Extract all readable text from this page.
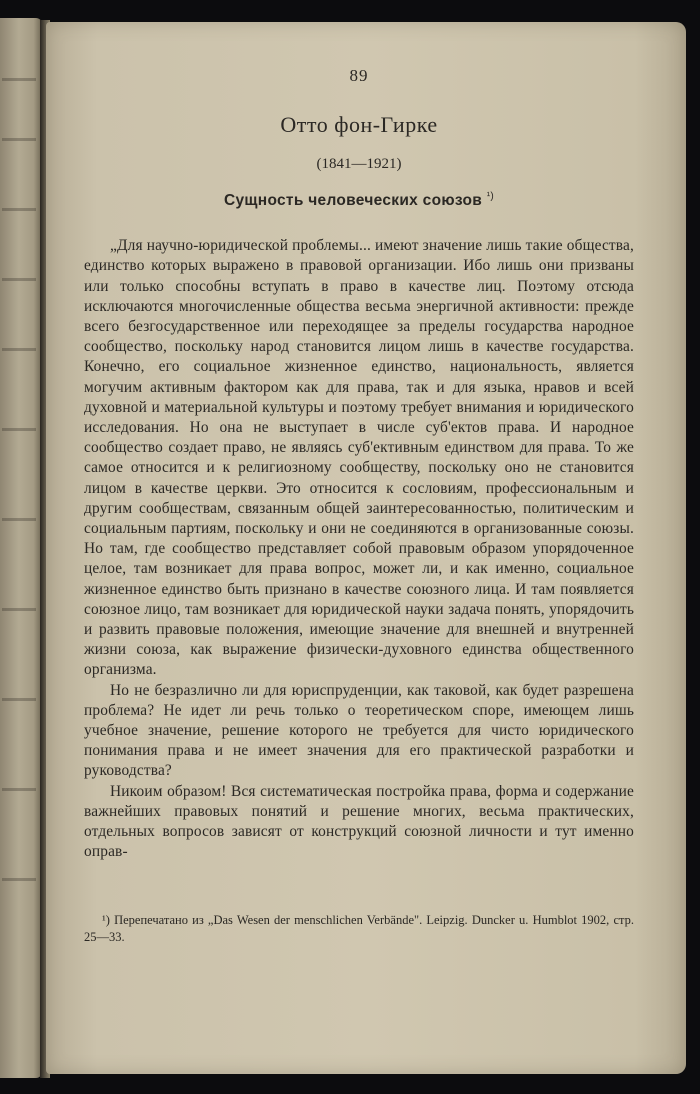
89

Отто фон-Гирке

(1841—1921)

Сущность человеческих союзов $^{^1)}$

„Для научно-юридической проблемы... имеют значение лишь такие общества, единство которых выражено в правовой организации. Ибо лишь они призваны или только способны вступать в право в качестве лиц. Поэтому отсюда исключаются многочисленные общества весьма энергичной активности: прежде всего безгосударственное или переходящее за пределы государства народное сообщество, поскольку народ становится лицом лишь в качестве государства. Конечно, его социальное жизненное единство, национальность, является могучим активным фактором как для права, так и для языка, нравов и всей духовной и материальной культуры и поэтому требует внимания и юридического исследования. Но она не выступает в числе суб'ектов права. И народное сообщество создает право, не являясь суб'ективным единством для права. То же самое относится и к религиозному сообществу, поскольку оно не становится лицом в качестве церкви. Это относится к сословиям, профессиональным и другим сообществам, связанным общей заинтересованностью, политическим и социальным партиям, поскольку и они не соединяются в организованные союзы. Но там, где сообщество представляет собой правовым образом упорядоченное целое, там возникает для права вопрос, может ли, и как именно, социальное жизненное единство быть признано в качестве союзного лица. И там появляется союзное лицо, там возникает для юридической науки задача понять, упорядочить и развить правовые положения, имеющие значение для внешней и внутренней жизни союза, как выражение физически-духовного единства общественного организма.

Но не безразлично ли для юриспруденции, как таковой, как будет разрешена проблема? Не идет ли речь только о теоретическом споре, имеющем лишь учебное значение, решение которого не требуется для чисто юридического понимания права и не имеет значения для его практической разработки и руководства?

Никоим образом! Вся систематическая постройка права, форма и содержание важнейших правовых понятий и решение многих, весьма практических, отдельных вопросов зависят от конструкций союзной личности и тут именно оправ-

¹) Перепечатано из „Das Wesen der menschlichen Verbände". Leipzig. Duncker u. Humblot 1902, стр. 25—33.
